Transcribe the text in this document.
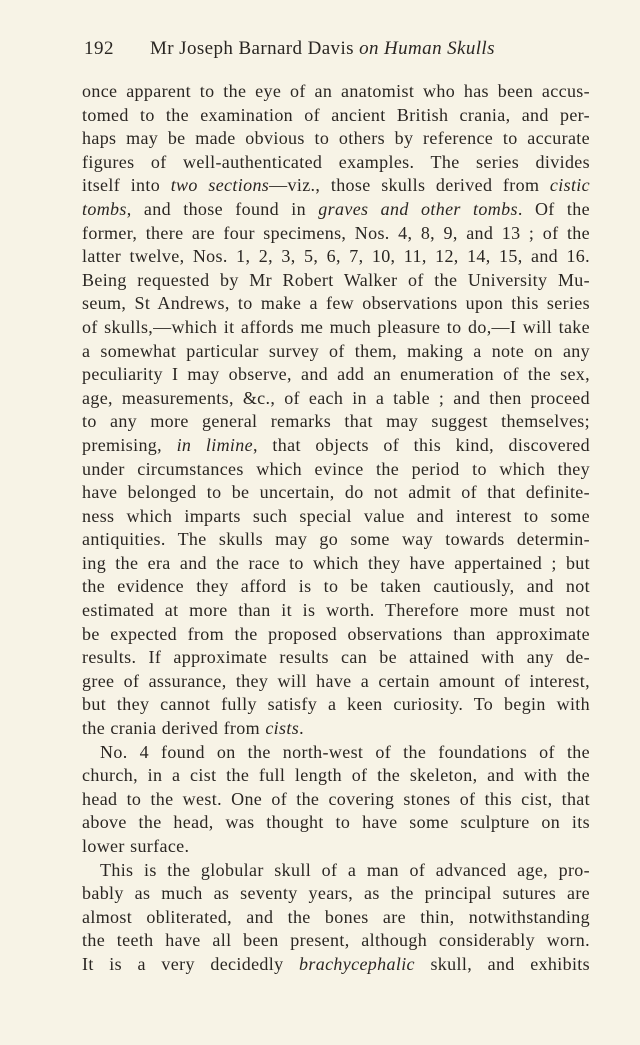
192 Mr Joseph Barnard Davis on Human Skulls
once apparent to the eye of an anatomist who has been accus-
tomed to the examination of ancient British crania, and per-
haps may be made obvious to others by reference to accurate
figures of well-authenticated examples. The series divides
itself into two sections—viz., those skulls derived from cistic
tombs, and those found in graves and other tombs. Of the
former, there are four specimens, Nos. 4, 8, 9, and 13 ; of the
latter twelve, Nos. 1, 2, 3, 5, 6, 7, 10, 11, 12, 14, 15, and 16.
Being requested by Mr Robert Walker of the University Mu-
seum, St Andrews, to make a few observations upon this series
of skulls,—which it affords me much pleasure to do,—I will take
a somewhat particular survey of them, making a note on any
peculiarity I may observe, and add an enumeration of the sex,
age, measurements, &c., of each in a table ; and then proceed
to any more general remarks that may suggest themselves;
premising, in limine, that objects of this kind, discovered
under circumstances which evince the period to which they
have belonged to be uncertain, do not admit of that definite-
ness which imparts such special value and interest to some
antiquities. The skulls may go some way towards determin-
ing the era and the race to which they have appertained ; but
the evidence they afford is to be taken cautiously, and not
estimated at more than it is worth. Therefore more must not
be expected from the proposed observations than approximate
results. If approximate results can be attained with any de-
gree of assurance, they will have a certain amount of interest,
but they cannot fully satisfy a keen curiosity. To begin with
the crania derived from cists.
No. 4 found on the north-west of the foundations of the
church, in a cist the full length of the skeleton, and with the
head to the west. One of the covering stones of this cist, that
above the head, was thought to have some sculpture on its
lower surface.
This is the globular skull of a man of advanced age, pro-
bably as much as seventy years, as the principal sutures are
almost obliterated, and the bones are thin, notwithstanding
the teeth have all been present, although considerably worn.
It is a very decidedly brachycephalic skull, and exhibits
